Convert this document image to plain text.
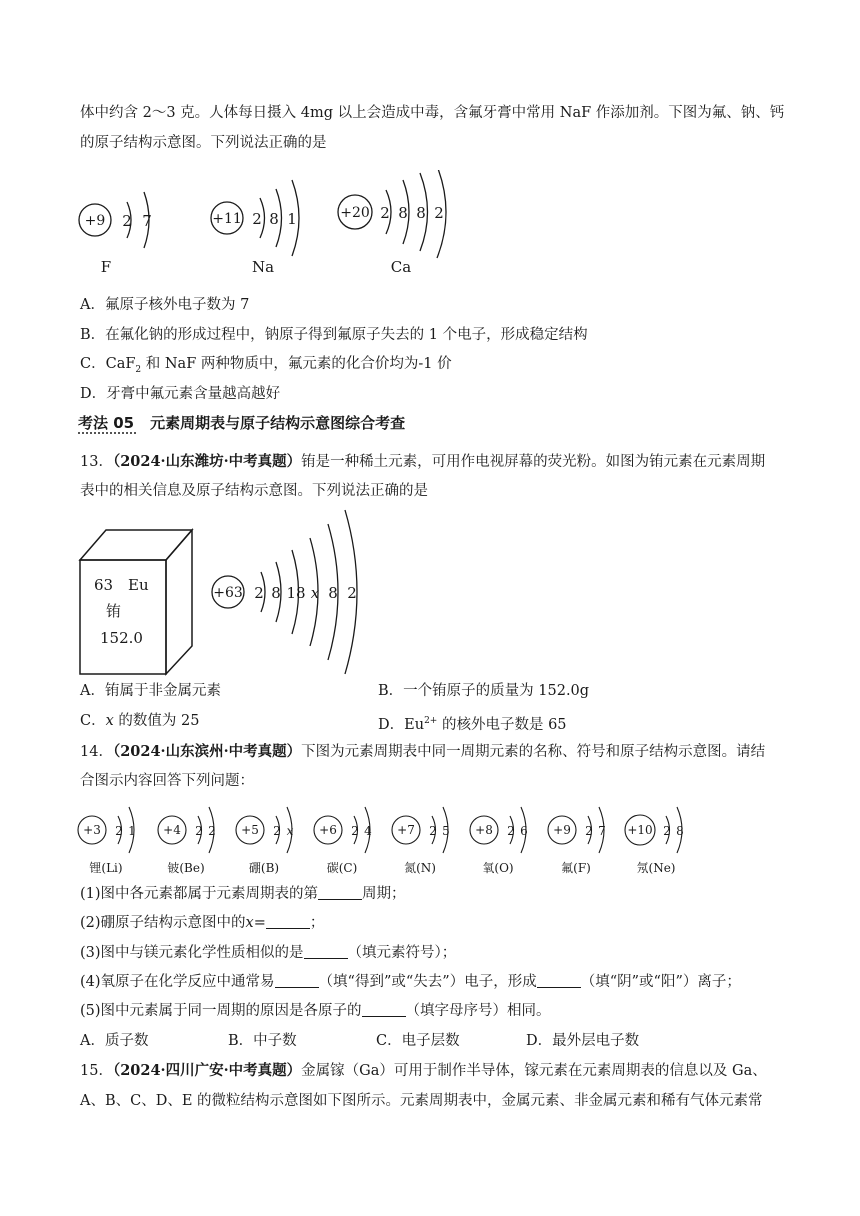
体中约含 2～3 克。人体每日摄入 4mg 以上会造成中毒，含氟牙膏中常用 NaF 作添加剂。下图为氟、钠、钙
的原子结构示意图。下列说法正确的是
+9 2 7
F
+11 2 8 1
Na
+20 2 8 8 2
Ca
A．氟原子核外电子数为 7
B．在氟化钠的形成过程中，钠原子得到氟原子失去的 1 个电子，形成稳定结构
C．CaF$_2$ 和 NaF 两种物质中，氟元素的化合价均为-1 价
D．牙膏中氟元素含量越高越好
考法 05 元素周期表与原子结构示意图综合考查
13．（2024·山东潍坊·中考真题）铕是一种稀土元素，可用作电视屏幕的荧光粉。如图为铕元素在元素周期
表中的相关信息及原子结构示意图。下列说法正确的是
63 Eu
铕
152.0
+63 2 8 18 x 8 2
A．铕属于非金属元素	B．一个铕原子的质量为 152.0g
C．x 的数值为 25	D．$Eu^{2+}$ 的核外电子数是 65
14．（2024·山东滨州·中考真题）下图为元素周期表中同一周期元素的名称、符号和原子结构示意图。请结
合图示内容回答下列问题：
+3 2 1
锂(Li)
+4 2 2
铍(Be)
+5 2 x
硼(B)
+6 2 4
碳(C)
+7 2 5
氮(N)
+8 2 6
氧(O)
+9 2 7
氟(F)
+10 2 8
氖(Ne)
(1)图中各元素都属于元素周期表的第	周期；
(2)硼原子结构示意图中的x=	；
(3)图中与镁元素化学性质相似的是	（填元素符号）；
(4)氧原子在化学反应中通常易	（填“得到”或“失去”）电子，形成	（填“阴”或“阳”）离子；
(5)图中元素属于同一周期的原因是各原子的	（填字母序号）相同。
A．质子数	B．中子数	C．电子层数	D．最外层电子数
15．（2024·四川广安·中考真题）金属镓（Ga）可用于制作半导体，镓元素在元素周期表的信息以及 Ga、
A、B、C、D、E 的微粒结构示意图如下图所示。元素周期表中，金属元素、非金属元素和稀有气体元素常
